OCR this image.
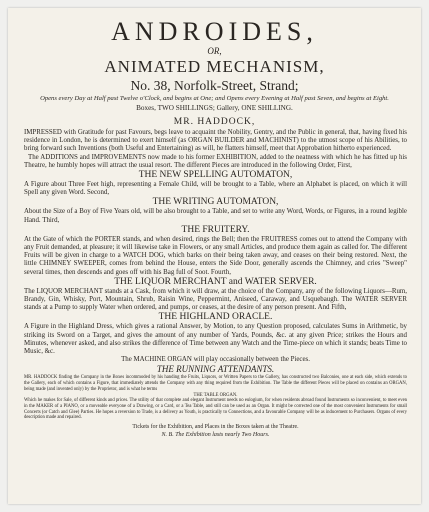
ANDROIDES,
OR,
ANIMATED MECHANISM,
No. 38, Norfolk-Street, Strand;
Opens every Day at Half past Twelve o'Clock, and begins at One; and Opens every Evening at Half past Seven, and begins at Eight.
Boxes, TWO SHILLINGS; Gallery, ONE SHILLING.
MR. HADDOCK,

IMPRESSED with Gratitude for past Favours, begs leave to acquaint the Nobility, Gentry, and the Public in general, that, having fixed his residence in London, he is determined to exert himself (as ORGAN BUILDER and MACHINIST) to the utmost scope of his Abilities, to bring forward such Inventions (both Useful and Entertaining) as will, he flatters himself, meet that Approbation hitherto experienced.

The ADDITIONS and IMPROVEMENTS now made to his former EXHIBITION, added to the neatness with which he has fitted up his Theatre, he humbly hopes will attract the usual resort. The different Pieces are introduced in the following Order, First,

THE NEW SPELLING AUTOMATON,

A Figure about Three Feet high, representing a Female Child, will be brought to a Table, where an Alphabet is placed, on which it will Spell any given Word. Second,

THE WRITING AUTOMATON,

About the Size of a Boy of Five Years old, will be also brought to a Table, and set to write any Word, Words, or Figures, in a round legible Hand. Third,

THE FRUITERY.

At the Gate of which the PORTER stands, and when desired, rings the Bell; then the FRUITRESS comes out to attend the Company with any Fruit demanded, at pleasure; it will likewise take in Flowers, or any small Articles, and produce them again as called for. The different Fruits will be given in charge to a WATCH DOG, which barks on their being taken away, and ceases on their being restored. Next, the little CHIMNEY SWEEPER, comes from behind the House, enters the Side Door, generally ascends the Chimney, and cries "Sweep" several times, then descends and goes off with his Bag full of Soot. Fourth,

THE LIQUOR MERCHANT and WATER SERVER.

The LIQUOR MERCHANT stands at a Cask, from which it will draw, at the choice of the Company, any of the following Liquors—Rum, Brandy, Gin, Whisky, Port, Mountain, Shrub, Raisin Wine, Peppermint, Aniseed, Caraway, and Usquebaugh. The WATER SERVER stands at a Pump to supply Water when ordered, and pumps, or ceases, at the desire of any person present. And Fifth,

THE HIGHLAND ORACLE.

A Figure in the Highland Dress, which gives a rational Answer, by Motion, to any Question proposed, calculates Sums in Arithmetic, by striking its Sword on a Target, and gives the amount of any number of Yards, Pounds, &c. at any given Price; strikes the Hours and Minutes, whenever asked, and also strikes the difference of Time between any Watch and the Time-piece on which it stands; beats Time to Music, &c.

The MACHINE ORGAN will play occasionally between the Pieces.

THE RUNNING ATTENDANTS.

MR. HADDOCK finding the Company in the Boxes incommoded by his handing the Fruits, Liquors, or Written Papers to the Gallery, has constructed two Balconies, one at each side, which extends to the Gallery, each of which contains a Figure, that immediately attends the Company with any thing required from the Exhibition. The Table the different Pieces will be placed on contains an ORGAN, being made (and invented only) by the Proprietor, and is what he terms

THE TABLE ORGAN.

Which he makes for Sale, of different kinds and prices. The utility of that complete and elegant Instrument needs no eulogium, for when residents abroad found Instruments so inconvenient, to meet even in the MAKER of a PIANO, or a moveable everyone of a Drawing, or a Card, or a Tea Table, and still can be used as an Organ. It might be corrected one of the most convenient Instruments for small Concerts (or Catch and Glee) Parties. He hopes a reversion to Trade, is a delivery as Youth, is practically to Connections, and a favourable Company will be as inducement to Purchasers. Organs of every description made and repaired.

Tickets for the Exhibition, and Places in the Boxes taken at the Theatre.
N. B. The Exhibition lasts nearly Two Hours.
